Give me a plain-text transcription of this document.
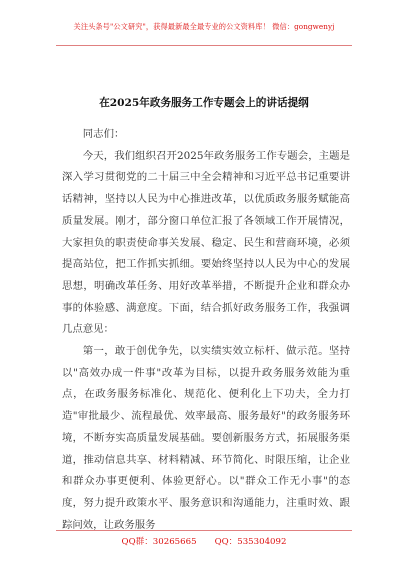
关注头条号"公文研究"，获得最新最全最专业的公文资料库！ 微信：gongwenyj
在2025年政务服务工作专题会上的讲话提纲

同志们：

今天，我们组织召开2025年政务服务工作专题会，主题是深入学习贯彻党的二十届三中全会精神和习近平总书记重要讲话精神，坚持以人民为中心推进改革，以优质政务服务赋能高质量发展。刚才，部分窗口单位汇报了各领域工作开展情况，大家担负的职责使命事关发展、稳定、民生和营商环境，必须提高站位，把工作抓实抓细。要始终坚持以人民为中心的发展思想，明确改革任务、用好改革举措，不断提升企业和群众办事的体验感、满意度。下面，结合抓好政务服务工作，我强调几点意见：

第一，敢于创优争先，以实绩实效立标杆、做示范。坚持以"高效办成一件事"改革为目标，以提升政务服务效能为重点，在政务服务标准化、规范化、便利化上下功夫，全力打造"审批最少、流程最优、效率最高、服务最好"的政务服务环境，不断夯实高质量发展基础。要创新服务方式，拓展服务渠道，推动信息共享、材料精减、环节简化、时限压缩，让企业和群众办事更便利、体验更舒心。以"群众工作无小事"的态度，努力提升政策水平、服务意识和沟通能力，注重时效、跟踪问效，让政务服务

QQ群：30265665 QQ：535304092
